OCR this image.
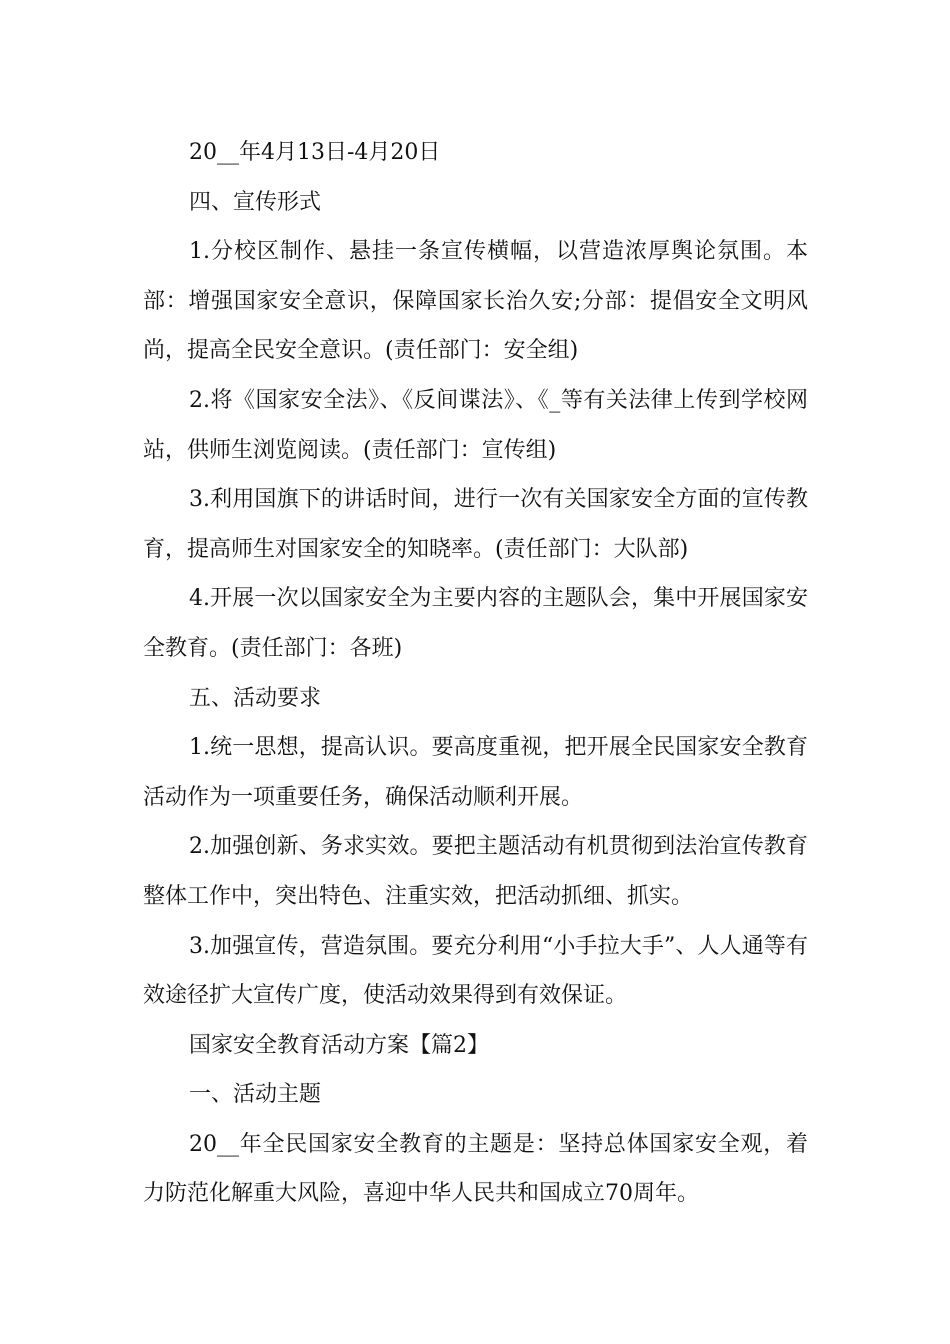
20__年4月13日-4月20日

四、宣传形式

1.分校区制作、悬挂一条宣传横幅，以营造浓厚舆论氛围。本部：增强国家安全意识，保障国家长治久安;分部：提倡安全文明风尚，提高全民安全意识。(责任部门：安全组)

2.将《国家安全法》、《反间谍法》、《_等有关法律上传到学校网站，供师生浏览阅读。(责任部门：宣传组)

3.利用国旗下的讲话时间，进行一次有关国家安全方面的宣传教育，提高师生对国家安全的知晓率。(责任部门：大队部)

4.开展一次以国家安全为主要内容的主题队会，集中开展国家安全教育。(责任部门：各班)

五、活动要求

1.统一思想，提高认识。要高度重视，把开展全民国家安全教育活动作为一项重要任务，确保活动顺利开展。

2.加强创新、务求实效。要把主题活动有机贯彻到法治宣传教育整体工作中，突出特色、注重实效，把活动抓细、抓实。

3.加强宣传，营造氛围。要充分利用“小手拉大手”、人人通等有效途径扩大宣传广度，使活动效果得到有效保证。

国家安全教育活动方案【篇2】

一、活动主题

20__年全民国家安全教育的主题是：坚持总体国家安全观，着力防范化解重大风险，喜迎中华人民共和国成立70周年。
